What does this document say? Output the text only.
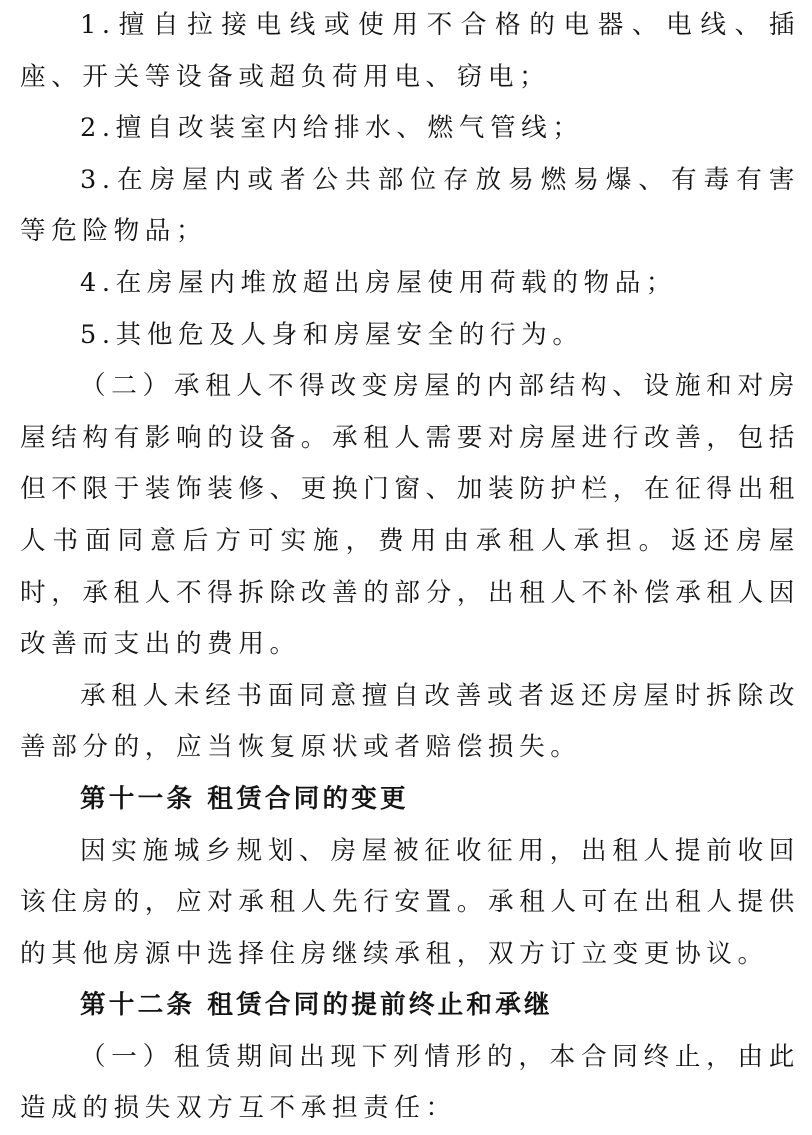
1.擅自拉接电线或使用不合格的电器、电线、插座、开关等设备或超负荷用电、窃电；

2.擅自改装室内给排水、燃气管线；

3.在房屋内或者公共部位存放易燃易爆、有毒有害等危险物品；

4.在房屋内堆放超出房屋使用荷载的物品；

5.其他危及人身和房屋安全的行为。

（二）承租人不得改变房屋的内部结构、设施和对房屋结构有影响的设备。承租人需要对房屋进行改善，包括但不限于装饰装修、更换门窗、加装防护栏，在征得出租人书面同意后方可实施，费用由承租人承担。返还房屋时，承租人不得拆除改善的部分，出租人不补偿承租人因改善而支出的费用。

承租人未经书面同意擅自改善或者返还房屋时拆除改善部分的，应当恢复原状或者赔偿损失。

第十一条 租赁合同的变更

因实施城乡规划、房屋被征收征用，出租人提前收回该住房的，应对承租人先行安置。承租人可在出租人提供的其他房源中选择住房继续承租，双方订立变更协议。

第十二条 租赁合同的提前终止和承继

（一）租赁期间出现下列情形的，本合同终止，由此造成的损失双方互不承担责任：
